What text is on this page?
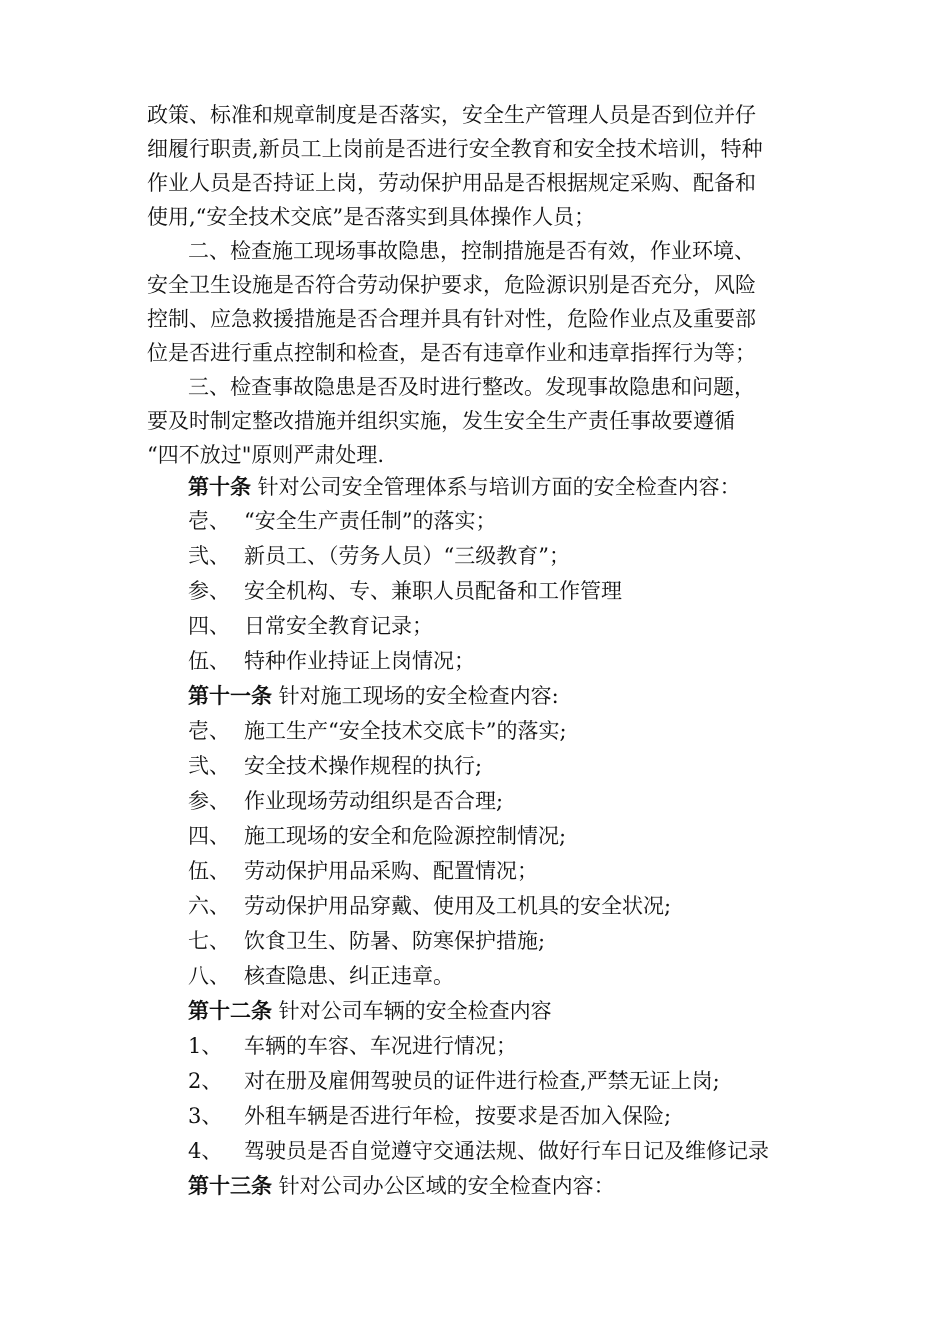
政策、标准和规章制度是否落实，安全生产管理人员是否到位并仔
细履行职责,新员工上岗前是否进行安全教育和安全技术培训，特种
作业人员是否持证上岗，劳动保护用品是否根据规定采购、配备和
使用,“安全技术交底”是否落实到具体操作人员；
二、检查施工现场事故隐患，控制措施是否有效，作业环境、
安全卫生设施是否符合劳动保护要求，危险源识别是否充分，风险
控制、应急救援措施是否合理并具有针对性，危险作业点及重要部
位是否进行重点控制和检查，是否有违章作业和违章指挥行为等；
三、检查事故隐患是否及时进行整改。发现事故隐患和问题，
要及时制定整改措施并组织实施，发生安全生产责任事故要遵循
“四不放过"原则严肃处理.
第十条 针对公司安全管理体系与培训方面的安全检查内容：
壱、 “安全生产责任制”的落实；
弐、 新员工、（劳务人员）“三级教育”；
参、 安全机构、专、兼职人员配备和工作管理
四、 日常安全教育记录；
伍、 特种作业持证上岗情况；
第十一条 针对施工现场的安全检查内容:
壱、 施工生产“安全技术交底卡”的落实;
弐、 安全技术操作规程的执行;
参、 作业现场劳动组织是否合理;
四、 施工现场的安全和危险源控制情况;
伍、 劳动保护用品采购、配置情况；
六、 劳动保护用品穿戴、使用及工机具的安全状况;
七、 饮食卫生、防暑、防寒保护措施;
八、 核查隐患、纠正违章。
第十二条 针对公司车辆的安全检查内容
1、 车辆的车容、车况进行情况；
2、 对在册及雇佣驾驶员的证件进行检查,严禁无证上岗;
3、 外租车辆是否进行年检，按要求是否加入保险;
4、 驾驶员是否自觉遵守交通法规、做好行车日记及维修记录
第十三条 针对公司办公区域的安全检查内容：
